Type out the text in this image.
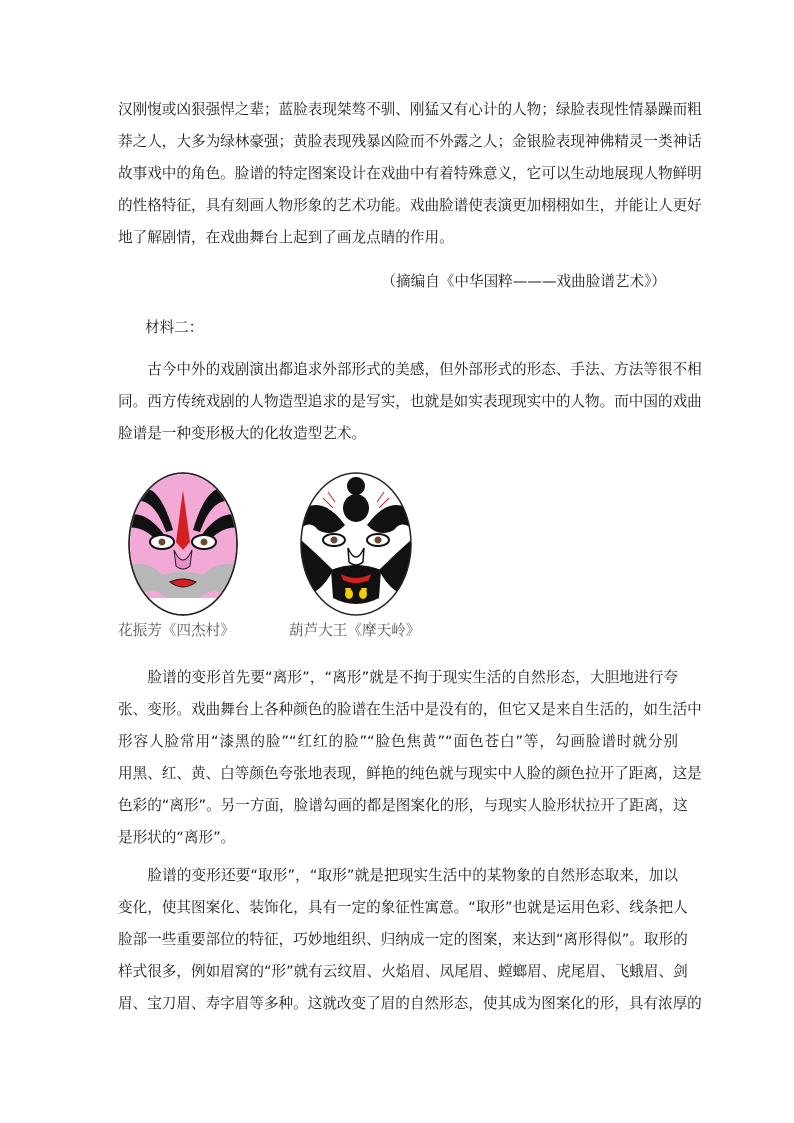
汉刚愎或凶狠强悍之辈；蓝脸表现桀骜不驯、刚猛又有心计的人物；绿脸表现性情暴躁而粗
莽之人，大多为绿林豪强；黄脸表现残暴凶险而不外露之人；金银脸表现神佛精灵一类神话
故事戏中的角色。脸谱的特定图案设计在戏曲中有着特殊意义，它可以生动地展现人物鲜明
的性格特征，具有刻画人物形象的艺术功能。戏曲脸谱使表演更加栩栩如生，并能让人更好
地了解剧情，在戏曲舞台上起到了画龙点睛的作用。

（摘编自《中华国粹———戏曲脸谱艺术》）

材料二：

　　古今中外的戏剧演出都追求外部形式的美感，但外部形式的形态、手法、方法等很不相
同。西方传统戏剧的人物造型追求的是写实，也就是如实表现现实中的人物。而中国的戏曲
脸谱是一种变形极大的化妆造型艺术。

花振芳《四杰村》	葫芦大王《摩天岭》

　　脸谱的变形首先要“离形”，“离形”就是不拘于现实生活的自然形态，大胆地进行夸
张、变形。戏曲舞台上各种颜色的脸谱在生活中是没有的，但它又是来自生活的，如生活中
形容人脸常用“漆黑的脸”“红红的脸”“脸色焦黄”“面色苍白”等，勾画脸谱时就分别
用黑、红、黄、白等颜色夸张地表现，鲜艳的纯色就与现实中人脸的颜色拉开了距离，这是
色彩的“离形”。另一方面，脸谱勾画的都是图案化的形，与现实人脸形状拉开了距离，这
是形状的“离形”。
　　脸谱的变形还要“取形”，“取形”就是把现实生活中的某物象的自然形态取来，加以
变化，使其图案化、装饰化，具有一定的象征性寓意。“取形”也就是运用色彩、线条把人
脸部一些重要部位的特征，巧妙地组织、归纳成一定的图案，来达到“离形得似”。取形的
样式很多，例如眉窝的“形”就有云纹眉、火焰眉、凤尾眉、螳螂眉、虎尾眉、飞蛾眉、剑
眉、宝刀眉、寿字眉等多种。这就改变了眉的自然形态，使其成为图案化的形，具有浓厚的
